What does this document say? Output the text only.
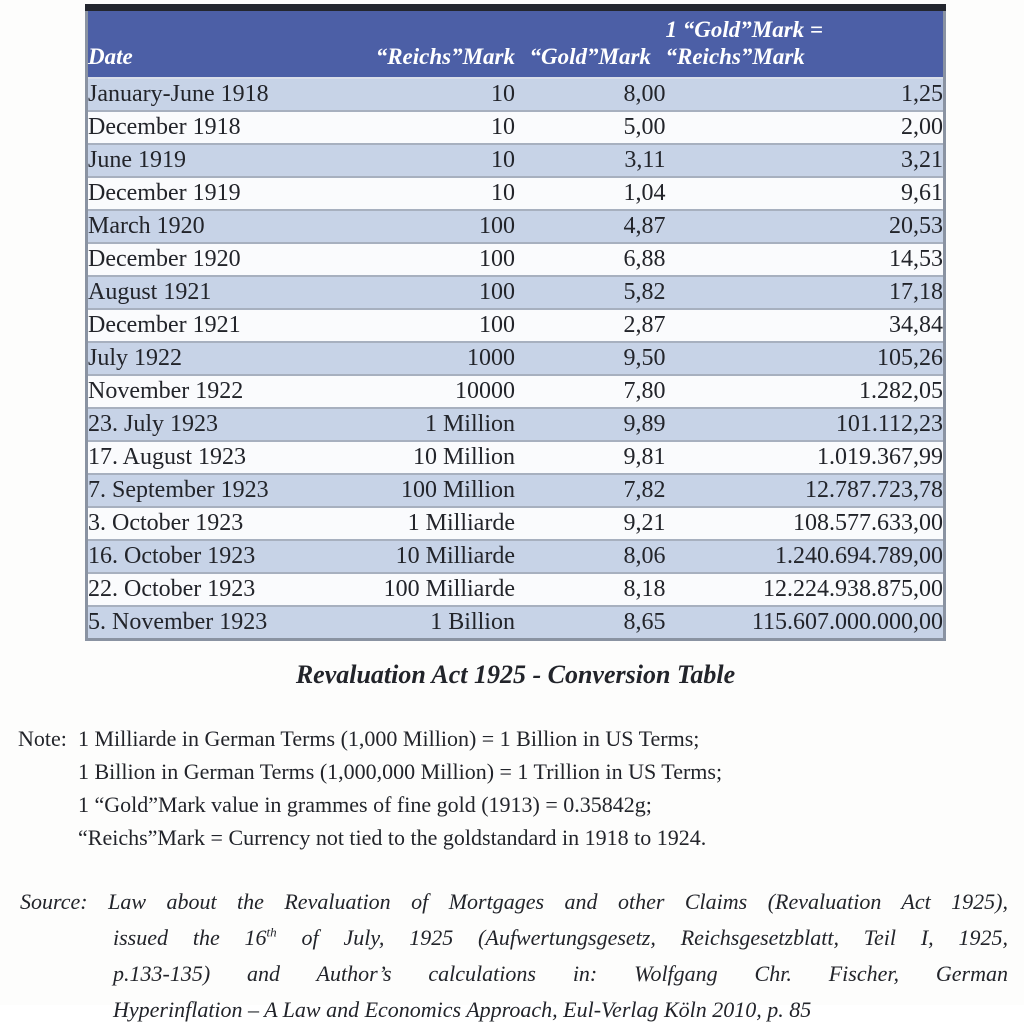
Date	“Reichs”Mark	“Gold”Mark	1 “Gold”Mark =
“Reichs”Mark
January-June 1918	10	8,00	1,25
December 1918	10	5,00	2,00
June 1919	10	3,11	3,21
December 1919	10	1,04	9,61
March 1920	100	4,87	20,53
December 1920	100	6,88	14,53
August 1921	100	5,82	17,18
December 1921	100	2,87	34,84
July 1922	1000	9,50	105,26
November 1922	10000	7,80	1.282,05
23. July 1923	1 Million	9,89	101.112,23
17. August 1923	10 Million	9,81	1.019.367,99
7. September 1923	100 Million	7,82	12.787.723,78
3. October 1923	1 Milliarde	9,21	108.577.633,00
16. October 1923	10 Milliarde	8,06	1.240.694.789,00
22. October 1923	100 Milliarde	8,18	12.224.938.875,00
5. November 1923	1 Billion	8,65	115.607.000.000,00
Revaluation Act 1925 - Conversion Table
Note: 1 Milliarde in German Terms (1,000 Million) = 1 Billion in US Terms;
1 Billion in German Terms (1,000,000 Million) = 1 Trillion in US Terms;
1 “Gold”Mark value in grammes of fine gold (1913) = 0.35842g;
“Reichs”Mark = Currency not tied to the goldstandard in 1918 to 1924.
Source: Law about the Revaluation of Mortgages and other Claims (Revaluation Act 1925),
issued the 16th of July, 1925 (Aufwertungsgesetz, Reichsgesetzblatt, Teil I, 1925,
p.133-135) and Author’s calculations in: Wolfgang Chr. Fischer, German
Hyperinflation – A Law and Economics Approach, Eul-Verlag Köln 2010, p. 85
